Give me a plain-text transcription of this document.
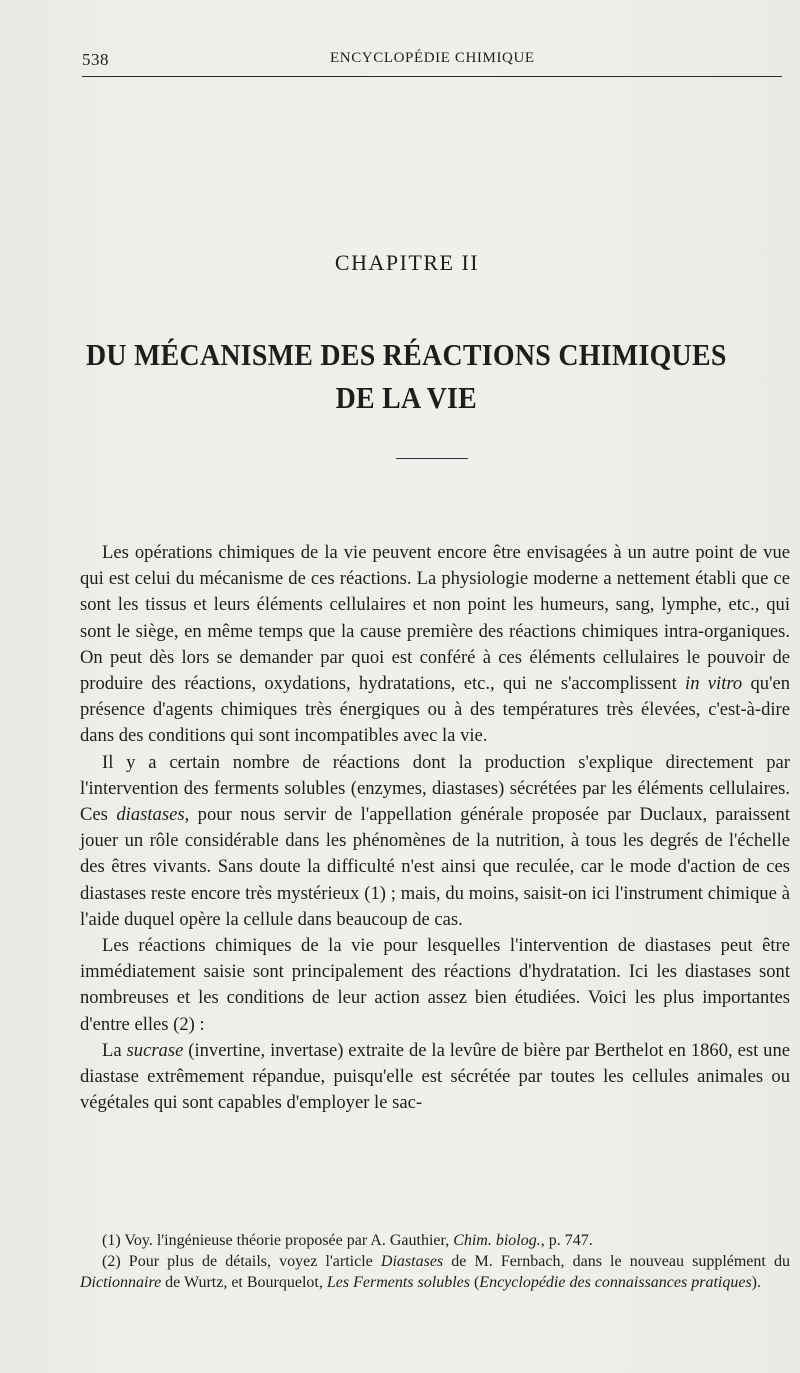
538	ENCYCLOPÉDIE CHIMIQUE
CHAPITRE II
DU MÉCANISME DES RÉACTIONS CHIMIQUES
DE LA VIE

Les opérations chimiques de la vie peuvent encore être envisagées à un autre point de vue qui est celui du mécanisme de ces réactions. La physiologie moderne a nettement établi que ce sont les tissus et leurs éléments cellulaires et non point les humeurs, sang, lymphe, etc., qui sont le siège, en même temps que la cause première des réactions chimiques intra-organiques. On peut dès lors se demander par quoi est conféré à ces éléments cellulaires le pouvoir de produire des réactions, oxydations, hydratations, etc., qui ne s'accomplissent in vitro qu'en présence d'agents chimiques très énergiques ou à des températures très élevées, c'est-à-dire dans des conditions qui sont incompatibles avec la vie.

Il y a certain nombre de réactions dont la production s'explique directement par l'intervention des ferments solubles (enzymes, diastases) sécrétées par les éléments cellulaires. Ces diastases, pour nous servir de l'appellation générale proposée par Duclaux, paraissent jouer un rôle considérable dans les phénomènes de la nutrition, à tous les degrés de l'échelle des êtres vivants. Sans doute la difficulté n'est ainsi que reculée, car le mode d'action de ces diastases reste encore très mystérieux (1) ; mais, du moins, saisit-on ici l'instrument chimique à l'aide duquel opère la cellule dans beaucoup de cas.

Les réactions chimiques de la vie pour lesquelles l'intervention de diastases peut être immédiatement saisie sont principalement des réactions d'hydratation. Ici les diastases sont nombreuses et les conditions de leur action assez bien étudiées. Voici les plus importantes d'entre elles (2) :

La sucrase (invertine, invertase) extraite de la levûre de bière par Berthelot en 1860, est une diastase extrêmement répandue, puisqu'elle est sécrétée par toutes les cellules animales ou végétales qui sont capables d'employer le sac-

(1) Voy. l'ingénieuse théorie proposée par A. Gauthier, Chim. biolog., p. 747.

(2) Pour plus de détails, voyez l'article Diastases de M. Fernbach, dans le nouveau supplément du Dictionnaire de Wurtz, et Bourquelot, Les Ferments solubles (Encyclopédie des connaissances pratiques).
